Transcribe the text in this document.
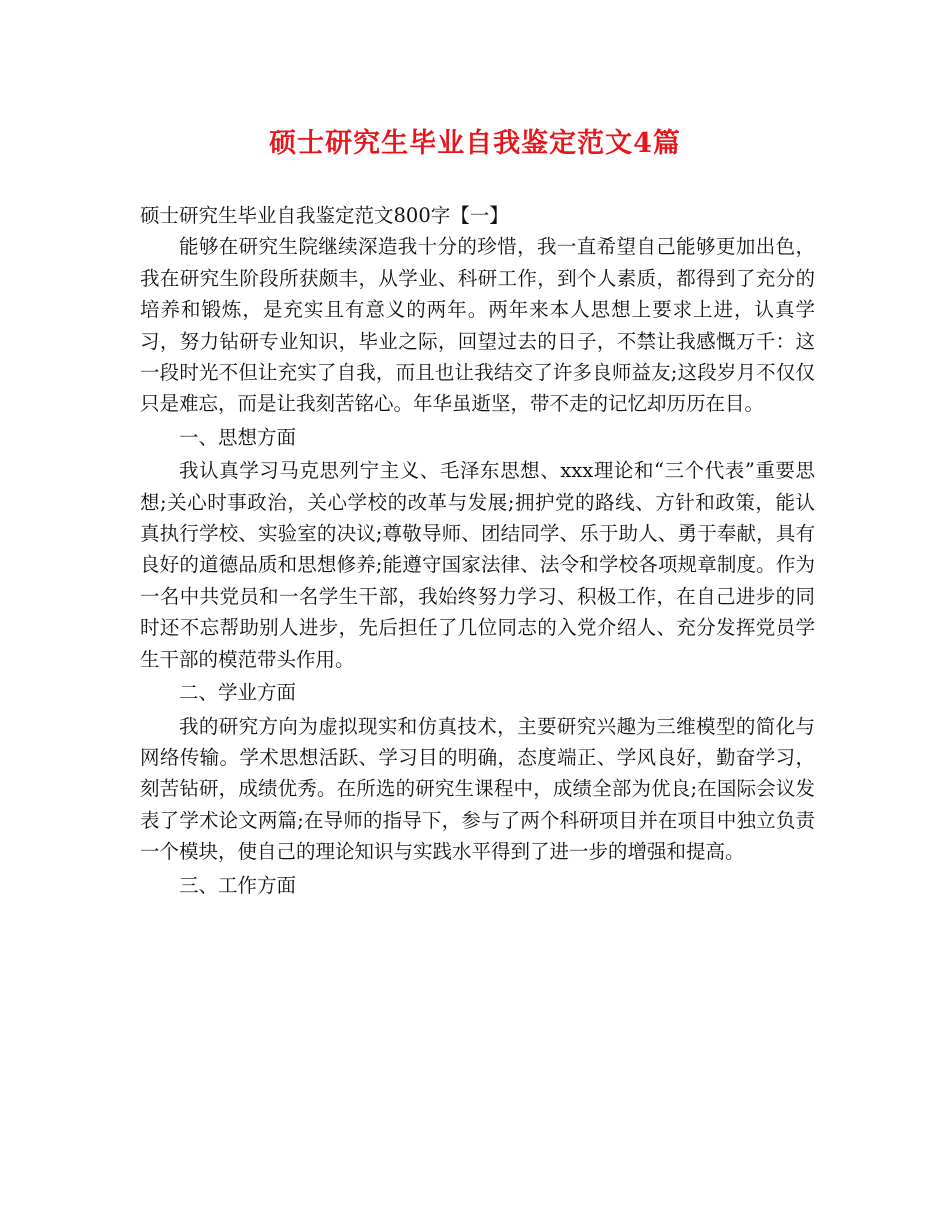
硕士研究生毕业自我鉴定范文4篇

硕士研究生毕业自我鉴定范文800字【一】

能够在研究生院继续深造我十分的珍惜，我一直希望自己能够更加出色，我在研究生阶段所获颇丰，从学业、科研工作，到个人素质，都得到了充分的培养和锻炼，是充实且有意义的两年。两年来本人思想上要求上进，认真学习，努力钻研专业知识，毕业之际，回望过去的日子，不禁让我感慨万千：这一段时光不但让充实了自我，而且也让我结交了许多良师益友;这段岁月不仅仅只是难忘，而是让我刻苦铭心。年华虽逝坚，带不走的记忆却历历在目。

一、思想方面

我认真学习马克思列宁主义、毛泽东思想、xxx理论和“三个代表”重要思想;关心时事政治，关心学校的改革与发展;拥护党的路线、方针和政策，能认真执行学校、实验室的决议;尊敬导师、团结同学、乐于助人、勇于奉献，具有良好的道德品质和思想修养;能遵守国家法律、法令和学校各项规章制度。作为一名中共党员和一名学生干部，我始终努力学习、积极工作，在自己进步的同时还不忘帮助别人进步，先后担任了几位同志的入党介绍人、充分发挥党员学生干部的模范带头作用。

二、学业方面

我的研究方向为虚拟现实和仿真技术，主要研究兴趣为三维模型的简化与网络传输。学术思想活跃、学习目的明确，态度端正、学风良好，勤奋学习，刻苦钻研，成绩优秀。在所选的研究生课程中，成绩全部为优良;在国际会议发表了学术论文两篇;在导师的指导下，参与了两个科研项目并在项目中独立负责一个模块，使自己的理论知识与实践水平得到了进一步的增强和提高。

三、工作方面
